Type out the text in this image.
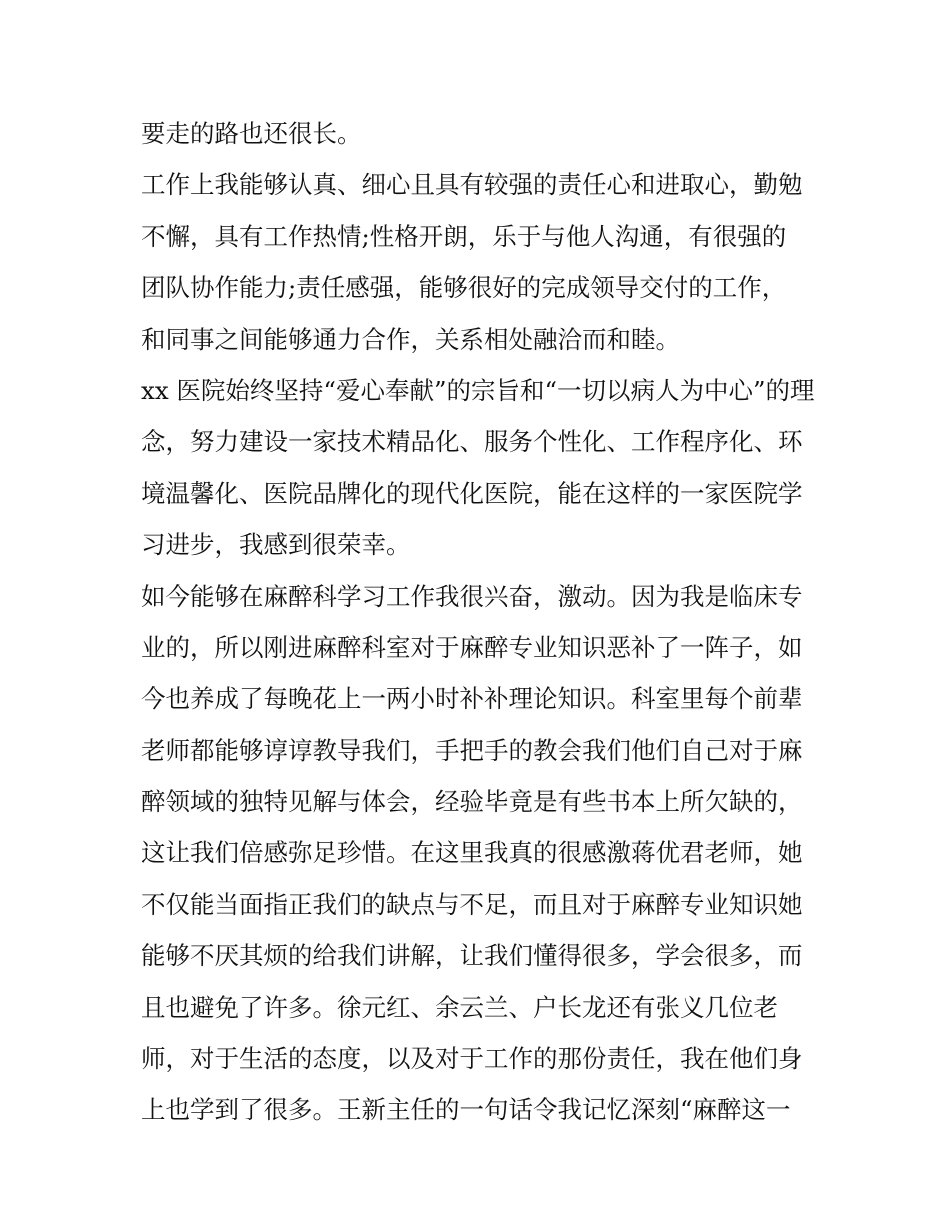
要走的路也还很长。
工作上我能够认真、细心且具有较强的责任心和进取心，勤勉
不懈，具有工作热情;性格开朗，乐于与他人沟通，有很强的
团队协作能力;责任感强，能够很好的完成领导交付的工作，
和同事之间能够通力合作，关系相处融洽而和睦。
xx 医院始终坚持“爱心奉献”的宗旨和“一切以病人为中心”的理
念，努力建设一家技术精品化、服务个性化、工作程序化、环
境温馨化、医院品牌化的现代化医院，能在这样的一家医院学
习进步，我感到很荣幸。
如今能够在麻醉科学习工作我很兴奋，激动。因为我是临床专
业的，所以刚进麻醉科室对于麻醉专业知识恶补了一阵子，如
今也养成了每晚花上一两小时补补理论知识。科室里每个前辈
老师都能够谆谆教导我们，手把手的教会我们他们自己对于麻
醉领域的独特见解与体会，经验毕竟是有些书本上所欠缺的，
这让我们倍感弥足珍惜。在这里我真的很感激蒋优君老师，她
不仅能当面指正我们的缺点与不足，而且对于麻醉专业知识她
能够不厌其烦的给我们讲解，让我们懂得很多，学会很多，而
且也避免了许多。徐元红、余云兰、户长龙还有张义几位老
师，对于生活的态度，以及对于工作的那份责任，我在他们身
上也学到了很多。王新主任的一句话令我记忆深刻“麻醉这一
